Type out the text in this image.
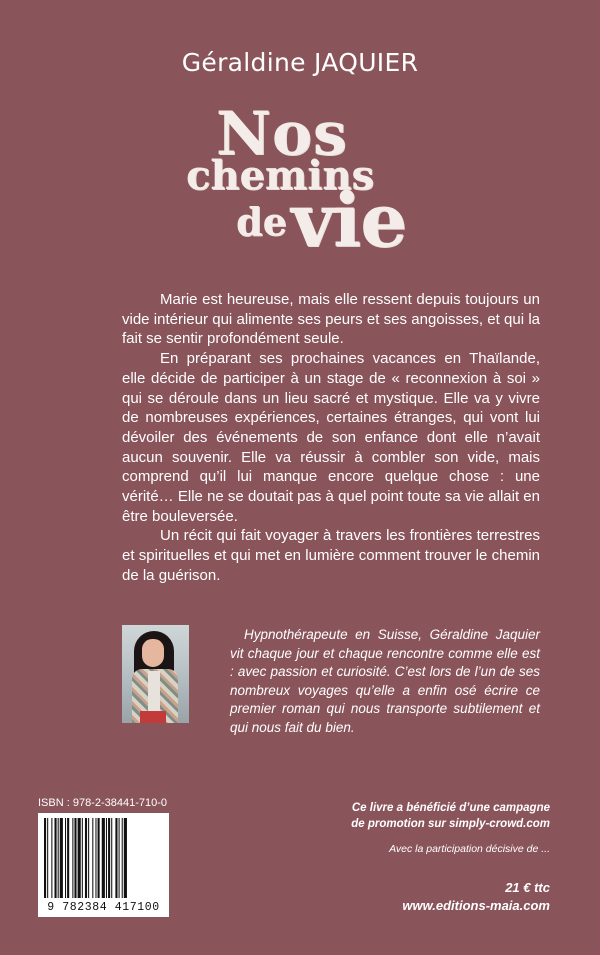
Géraldine JAQUIER
Nos
chemins
de vie

Marie est heureuse, mais elle ressent depuis toujours un vide intérieur qui alimente ses peurs et ses angoisses, et qui la fait se sentir profondément seule.

En préparant ses prochaines vacances en Thaïlande, elle décide de participer à un stage de « reconnexion à soi » qui se déroule dans un lieu sacré et mystique. Elle va y vivre de nombreuses expériences, certaines étranges, qui vont lui dévoiler des événements de son enfance dont elle n’avait aucun souvenir. Elle va réussir à combler son vide, mais comprend qu’il lui manque encore quelque chose : une vérité… Elle ne se doutait pas à quel point toute sa vie allait en être bouleversée.

Un récit qui fait voyager à travers les frontières terrestres et spirituelles et qui met en lumière comment trouver le chemin de la guérison.

Hypnothérapeute en Suisse, Géraldine Jaquier vit chaque jour et chaque rencontre comme elle est : avec passion et curiosité. C’est lors de l’un de ses nombreux voyages qu’elle a enfin osé écrire ce premier roman qui nous transporte subtilement et qui nous fait du bien.
ISBN : 978-2-38441-710-0
9 782384 417100
Ce livre a bénéficié d’une campagne
de promotion sur simply-crowd.com
Avec la participation décisive de ...
21 € ttc
www.editions-maia.com
